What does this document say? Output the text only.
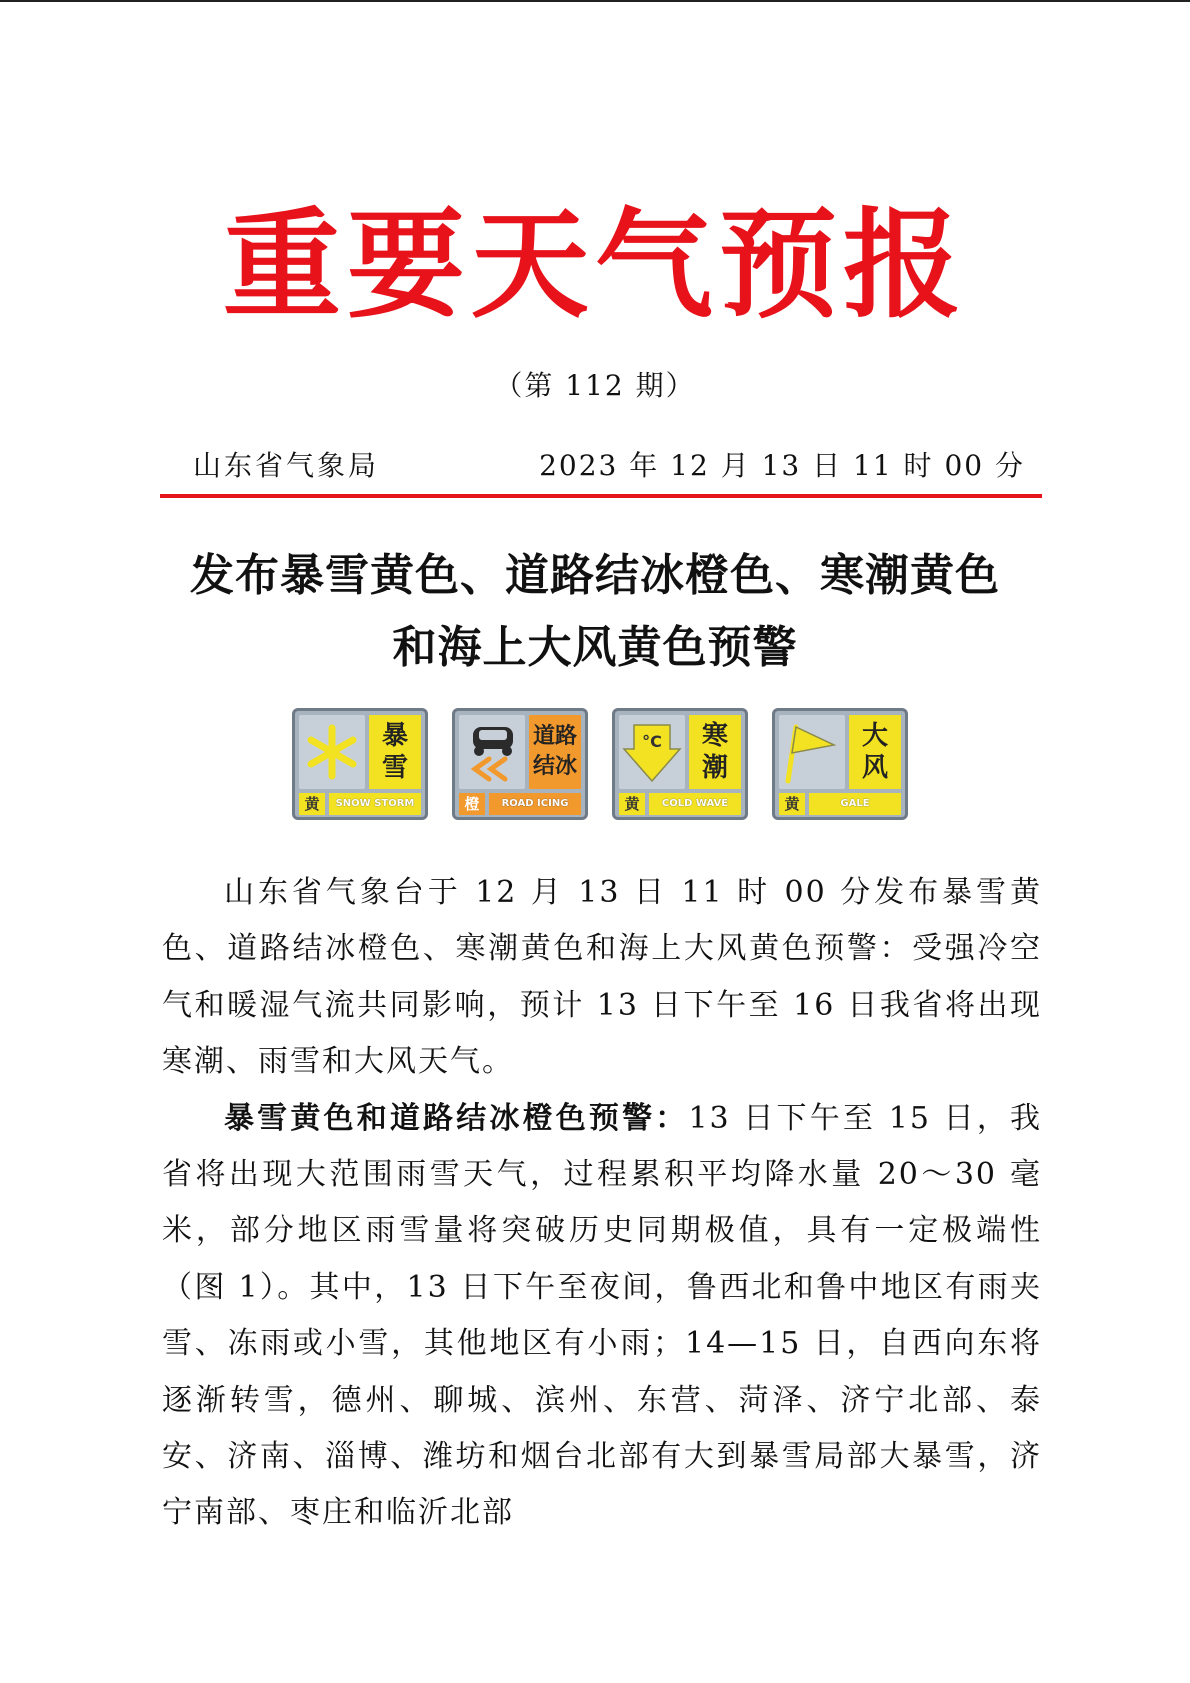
重要天气预报
（第 112 期）
山东省气象局	2023 年 12 月 13 日 11 时 00 分
发布暴雪黄色、道路结冰橙色、寒潮黄色
和海上大风黄色预警
暴
雪
黄	SNOW STORM
道路
结冰
橙	ROAD ICING
°C 寒
潮
黄	COLD WAVE
大
风
黄	GALE

山东省气象台于 12 月 13 日 11 时 00 分发布暴雪黄色、道路结冰橙色、寒潮黄色和海上大风黄色预警：受强冷空气和暖湿气流共同影响，预计 13 日下午至 16 日我省将出现寒潮、雨雪和大风天气。

暴雪黄色和道路结冰橙色预警：13 日下午至 15 日，我省将出现大范围雨雪天气，过程累积平均降水量 20～30 毫米，部分地区雨雪量将突破历史同期极值，具有一定极端性（图 1）。其中，13 日下午至夜间，鲁西北和鲁中地区有雨夹雪、冻雨或小雪，其他地区有小雨；14—15 日，自西向东将逐渐转雪，德州、聊城、滨州、东营、菏泽、济宁北部、泰安、济南、淄博、潍坊和烟台北部有大到暴雪局部大暴雪，济宁南部、枣庄和临沂北部
